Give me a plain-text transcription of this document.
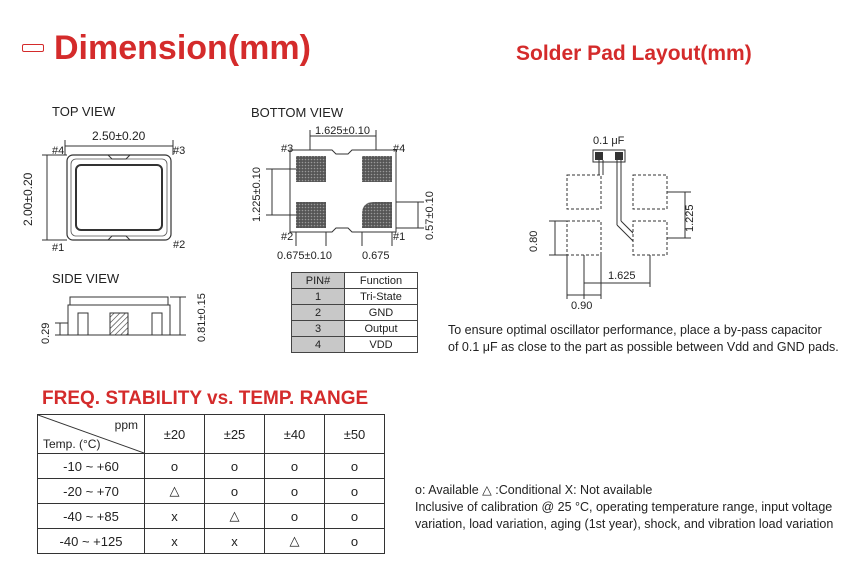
Dimension(mm)	Solder Pad Layout(mm)
TOP VIEW
2.50±0.20
2.00±0.20
#4	#3
#1	#2
SIDE VIEW
0.29	0.81±0.15
BOTTOM VIEW
1.625±0.10
1.225±0.10	0.57±0.10
0.675±0.10	0.675
#3	#4
#2	#1
PIN#	Function
1	Tri-State
2	GND
3	Output
4	VDD
0.1 μF
0.80
1.225
1.625
0.90
To ensure optimal oscillator performance, place a by-pass capacitor
of 0.1 μF as close to the part as possible between Vdd and GND pads.
FREQ. STABILITY vs. TEMP. RANGE
ppm
Temp. (°C)	±20	±25	±40	±50
-10 ~ +60	o	o	o	o
-20 ~ +70	△	o	o	o
-40 ~ +85	x	△	o	o
-40 ~ +125	x	x	△	o
o: Available △ :Conditional X: Not available
Inclusive of calibration @ 25 °C, operating temperature range, input voltage
variation, load variation, aging (1st year), shock, and vibration load variation
